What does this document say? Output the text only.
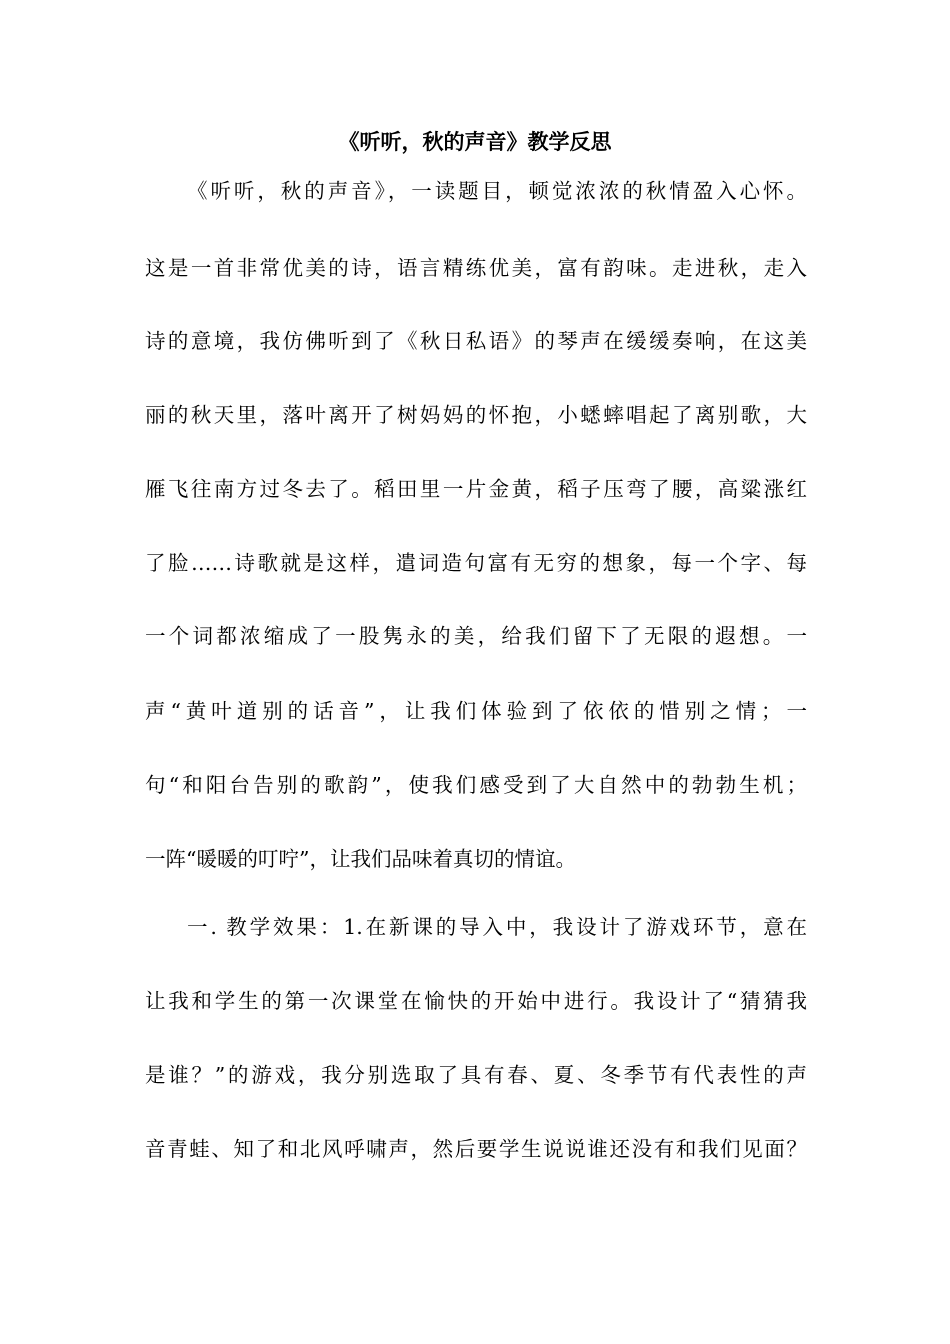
《听听，秋的声音》教学反思
《听听，秋的声音》，一读题目，顿觉浓浓的秋情盈入心怀。
这是一首非常优美的诗，语言精练优美，富有韵味。走进秋，走入
诗的意境，我仿佛听到了《秋日私语》的琴声在缓缓奏响，在这美
丽的秋天里，落叶离开了树妈妈的怀抱，小蟋蟀唱起了离别歌，大
雁飞往南方过冬去了。稻田里一片金黄，稻子压弯了腰，高粱涨红
了脸……诗歌就是这样，遣词造句富有无穷的想象，每一个字、每
一个词都浓缩成了一股隽永的美，给我们留下了无限的遐想。一
声“黄叶道别的话音”，让我们体验到了依依的惜别之情；一
句“和阳台告别的歌韵”，使我们感受到了大自然中的勃勃生机；
一阵“暖暖的叮咛”，让我们品味着真切的情谊。
一. 教学效果：1.在新课的导入中，我设计了游戏环节，意在
让我和学生的第一次课堂在愉快的开始中进行。我设计了“猜猜我
是谁？”的游戏，我分别选取了具有春、夏、冬季节有代表性的声
音青蛙、知了和北风呼啸声，然后要学生说说谁还没有和我们见面？
